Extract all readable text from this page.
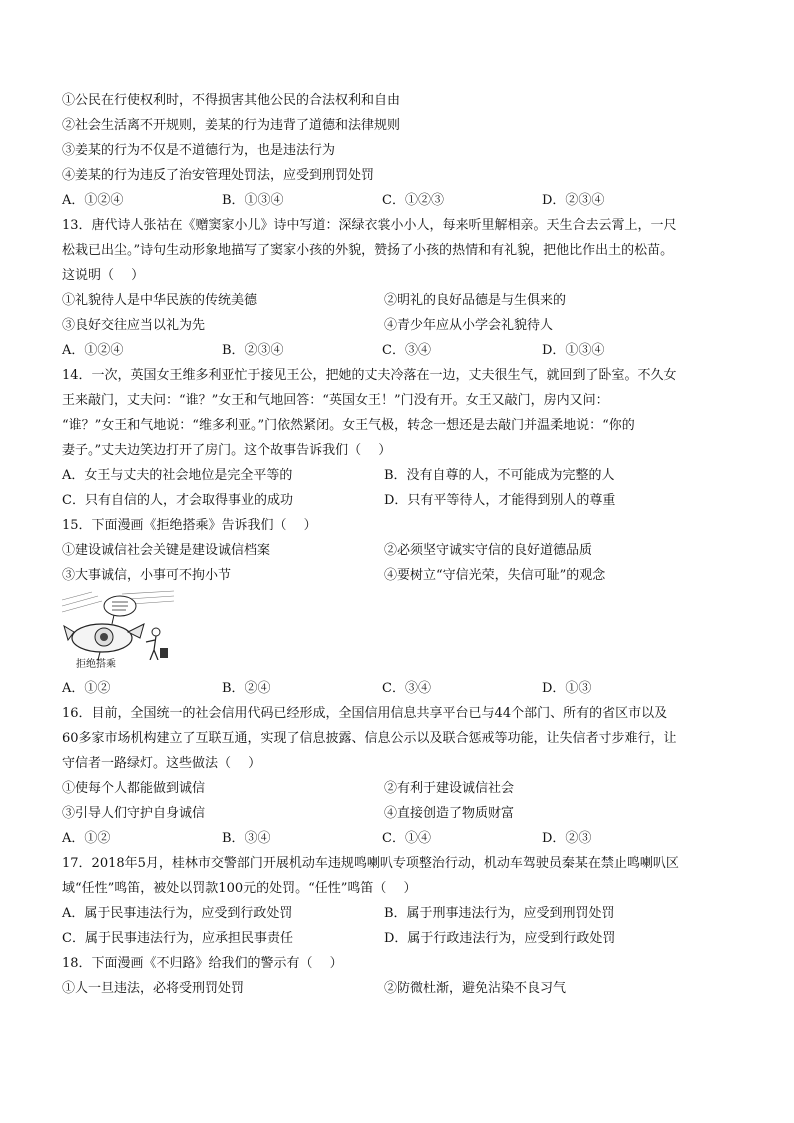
①公民在行使权利时，不得损害其他公民的合法权利和自由
②社会生活离不开规则，姜某的行为违背了道德和法律规则
③姜某的行为不仅是不道德行为，也是违法行为
④姜某的行为违反了治安管理处罚法，应受到刑罚处罚
A．①②④	B．①③④	C．①②③	D．②③④
13．唐代诗人张祜在《赠窦家小儿》诗中写道：深绿衣裳小小人，每来听里解相亲。天生合去云霄上，一尺
松栽已出尘。”诗句生动形象地描写了窦家小孩的外貌，赞扬了小孩的热情和有礼貌，把他比作出土的松苗。
这说明（　 ）
①礼貌待人是中华民族的传统美德	②明礼的良好品德是与生俱来的
③良好交往应当以礼为先	④青少年应从小学会礼貌待人
A．①②④	B．②③④	C．③④	D．①③④
14．一次，英国女王维多利亚忙于接见王公，把她的丈夫冷落在一边，丈夫很生气，就回到了卧室。不久女
王来敲门，丈夫问：“谁？”女王和气地回答：“英国女王！”门没有开。女王又敲门，房内又问：
“谁？”女王和气地说：“维多利亚。”门依然紧闭。女王气极，转念一想还是去敲门并温柔地说：“你的
妻子。”丈夫边笑边打开了房门。这个故事告诉我们（　 ）
A．女王与丈夫的社会地位是完全平等的	B．没有自尊的人，不可能成为完整的人
C．只有自信的人，才会取得事业的成功	D．只有平等待人，才能得到别人的尊重
15．下面漫画《拒绝搭乘》告诉我们（　 ）
①建设诚信社会关键是建设诚信档案	②必须坚守诚实守信的良好道德品质
③大事诚信，小事可不拘小节	④要树立“守信光荣，失信可耻”的观念
拒绝搭乘
A．①②	B．②④	C．③④	D．①③
16．目前，全国统一的社会信用代码已经形成，全国信用信息共享平台已与44个部门、所有的省区市以及
60多家市场机构建立了互联互通，实现了信息披露、信息公示以及联合惩戒等功能，让失信者寸步难行，让
守信者一路绿灯。这些做法（　 ）
①使每个人都能做到诚信	②有利于建设诚信社会
③引导人们守护自身诚信	④直接创造了物质财富
A．①②	B．③④	C．①④	D．②③
17．2018年5月，桂林市交警部门开展机动车违规鸣喇叭专项整治行动，机动车驾驶员秦某在禁止鸣喇叭区
域“任性”鸣笛，被处以罚款100元的处罚。“任性”鸣笛（　 ）
A．属于民事违法行为，应受到行政处罚	B．属于刑事违法行为，应受到刑罚处罚
C．属于民事违法行为，应承担民事责任	D．属于行政违法行为，应受到行政处罚
18．下面漫画《不归路》给我们的警示有（　 ）
①人一旦违法，必将受刑罚处罚	②防微杜渐，避免沾染不良习气
